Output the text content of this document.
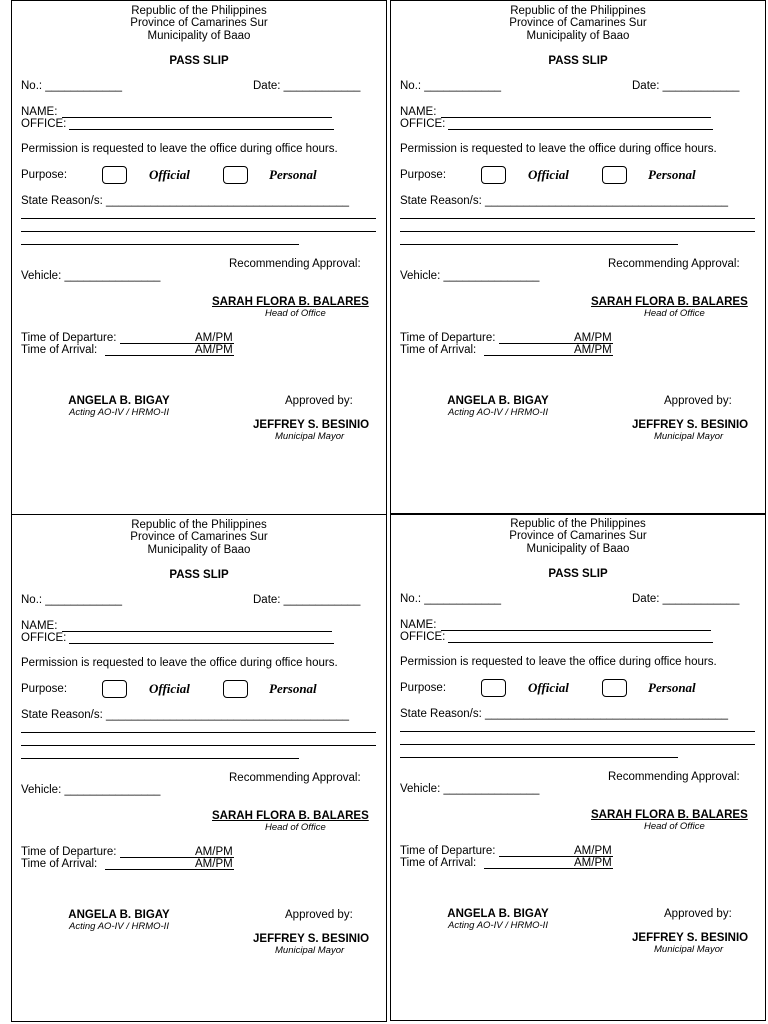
Republic of the Philippines
Province of Camarines Sur
Municipality of Baao
PASS SLIP
No.: ____________	Date: ____________
NAME:
OFFICE:
Permission is requested to leave the office during office hours.
Purpose:	Official	Personal
State Reason/s: ______________________________________
Recommending Approval:
Vehicle: _______________
SARAH FLORA B. BALARES
Head of Office
Time of Departure:	AM/PM
Time of Arrival:	AM/PM
ANGELA B. BIGAY
Acting AO-IV / HRMO-II
Approved by:
JEFFREY S. BESINIO
Municipal Mayor
Republic of the Philippines
Province of Camarines Sur
Municipality of Baao
PASS SLIP
No.: ____________	Date: ____________
NAME:
OFFICE:
Permission is requested to leave the office during office hours.
Purpose:	Official	Personal
State Reason/s: ______________________________________
Recommending Approval:
Vehicle: _______________
SARAH FLORA B. BALARES
Head of Office
Time of Departure:	AM/PM
Time of Arrival:	AM/PM
ANGELA B. BIGAY
Acting AO-IV / HRMO-II
Approved by:
JEFFREY S. BESINIO
Municipal Mayor
Republic of the Philippines
Province of Camarines Sur
Municipality of Baao
PASS SLIP
No.: ____________	Date: ____________
NAME:
OFFICE:
Permission is requested to leave the office during office hours.
Purpose:	Official	Personal
State Reason/s: ______________________________________
Recommending Approval:
Vehicle: _______________
SARAH FLORA B. BALARES
Head of Office
Time of Departure:	AM/PM
Time of Arrival:	AM/PM
ANGELA B. BIGAY
Acting AO-IV / HRMO-II
Approved by:
JEFFREY S. BESINIO
Municipal Mayor
Republic of the Philippines
Province of Camarines Sur
Municipality of Baao
PASS SLIP
No.: ____________	Date: ____________
NAME:
OFFICE:
Permission is requested to leave the office during office hours.
Purpose:	Official	Personal
State Reason/s: ______________________________________
Recommending Approval:
Vehicle: _______________
SARAH FLORA B. BALARES
Head of Office
Time of Departure:	AM/PM
Time of Arrival:	AM/PM
ANGELA B. BIGAY
Acting AO-IV / HRMO-II
Approved by:
JEFFREY S. BESINIO
Municipal Mayor
